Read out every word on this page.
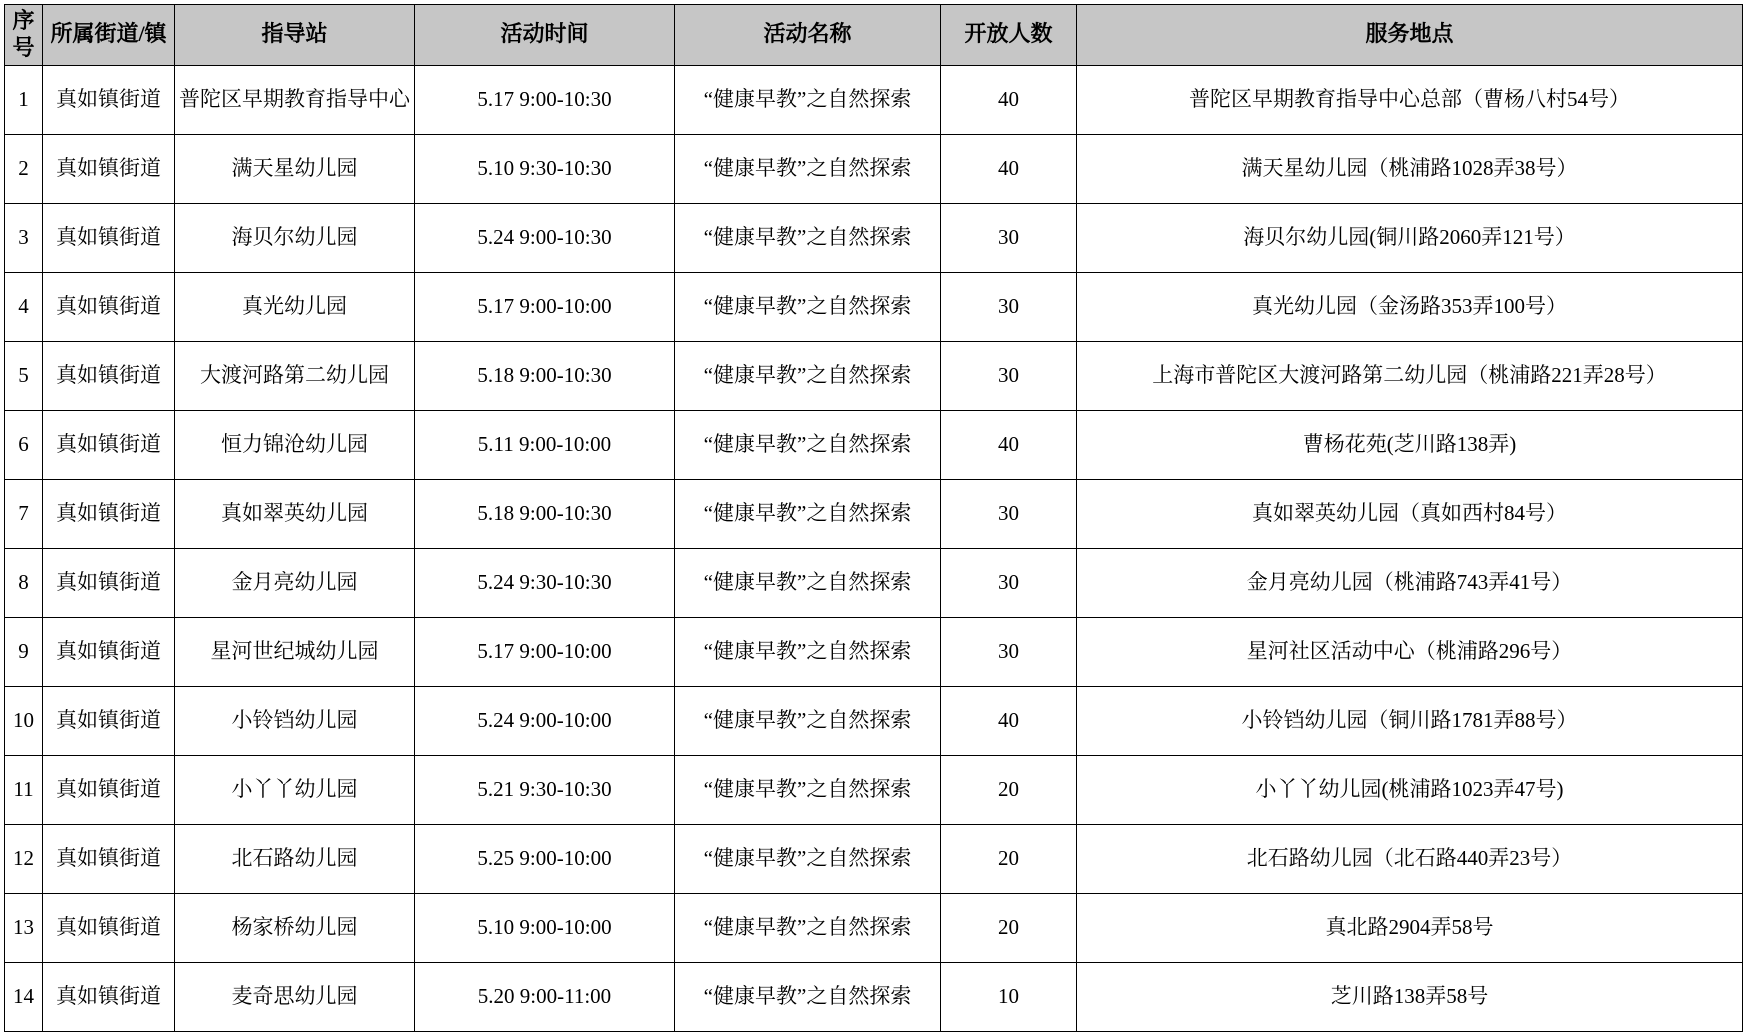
序
号	所属街道/镇	指导站	活动时间	活动名称	开放人数	服务地点
1	真如镇街道	普陀区早期教育指导中心	5.17 9:00-10:30	“健康早教”之自然探索	40	普陀区早期教育指导中心总部（曹杨八村54号）
2	真如镇街道	满天星幼儿园	5.10 9:30-10:30	“健康早教”之自然探索	40	满天星幼儿园（桃浦路1028弄38号）
3	真如镇街道	海贝尔幼儿园	5.24 9:00-10:30	“健康早教”之自然探索	30	海贝尔幼儿园(铜川路2060弄121号）
4	真如镇街道	真光幼儿园	5.17 9:00-10:00	“健康早教”之自然探索	30	真光幼儿园（金汤路353弄100号）
5	真如镇街道	大渡河路第二幼儿园	5.18 9:00-10:30	“健康早教”之自然探索	30	上海市普陀区大渡河路第二幼儿园（桃浦路221弄28号）
6	真如镇街道	恒力锦沧幼儿园	5.11 9:00-10:00	“健康早教”之自然探索	40	曹杨花苑(芝川路138弄)
7	真如镇街道	真如翠英幼儿园	5.18 9:00-10:30	“健康早教”之自然探索	30	真如翠英幼儿园（真如西村84号）
8	真如镇街道	金月亮幼儿园	5.24 9:30-10:30	“健康早教”之自然探索	30	金月亮幼儿园（桃浦路743弄41号）
9	真如镇街道	星河世纪城幼儿园	5.17 9:00-10:00	“健康早教”之自然探索	30	星河社区活动中心（桃浦路296号）
10	真如镇街道	小铃铛幼儿园	5.24 9:00-10:00	“健康早教”之自然探索	40	小铃铛幼儿园（铜川路1781弄88号）
11	真如镇街道	小丫丫幼儿园	5.21 9:30-10:30	“健康早教”之自然探索	20	小丫丫幼儿园(桃浦路1023弄47号)
12	真如镇街道	北石路幼儿园	5.25 9:00-10:00	“健康早教”之自然探索	20	北石路幼儿园（北石路440弄23号）
13	真如镇街道	杨家桥幼儿园	5.10 9:00-10:00	“健康早教”之自然探索	20	真北路2904弄58号
14	真如镇街道	麦奇思幼儿园	5.20 9:00-11:00	“健康早教”之自然探索	10	芝川路138弄58号
